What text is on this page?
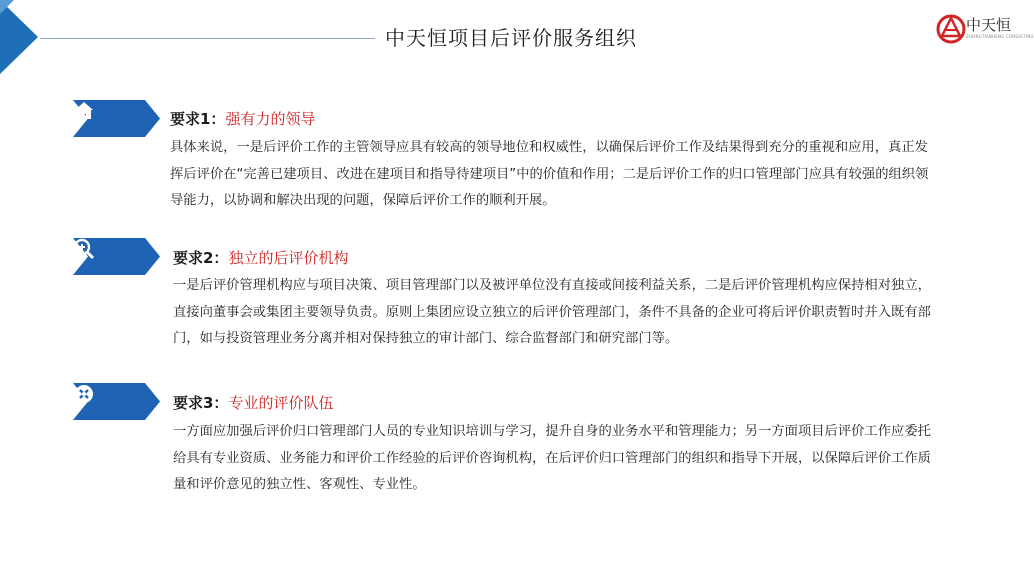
中天恒项目后评价服务组织
中天恒
ZHONGTIANHENG CONSULTING
要求1：强有力的领导
具体来说，一是后评价工作的主管领导应具有较高的领导地位和权威性，以确保后评价工作及结果得到充分的重视和应用，真正发挥后评价在“完善已建项目、改进在建项目和指导待建项目”中的价值和作用；二是后评价工作的归口管理部门应具有较强的组织领导能力，以协调和解决出现的问题，保障后评价工作的顺利开展。
要求2：独立的后评价机构
一是后评价管理机构应与项目决策、项目管理部门以及被评单位没有直接或间接利益关系，二是后评价管理机构应保持相对独立，直接向董事会或集团主要领导负责。原则上集团应设立独立的后评价管理部门，条件不具备的企业可将后评价职责暂时并入既有部门，如与投资管理业务分离并相对保持独立的审计部门、综合监督部门和研究部门等。
要求3：专业的评价队伍
一方面应加强后评价归口管理部门人员的专业知识培训与学习，提升自身的业务水平和管理能力；另一方面项目后评价工作应委托给具有专业资质、业务能力和评价工作经验的后评价咨询机构，在后评价归口管理部门的组织和指导下开展，以保障后评价工作质量和评价意见的独立性、客观性、专业性。
